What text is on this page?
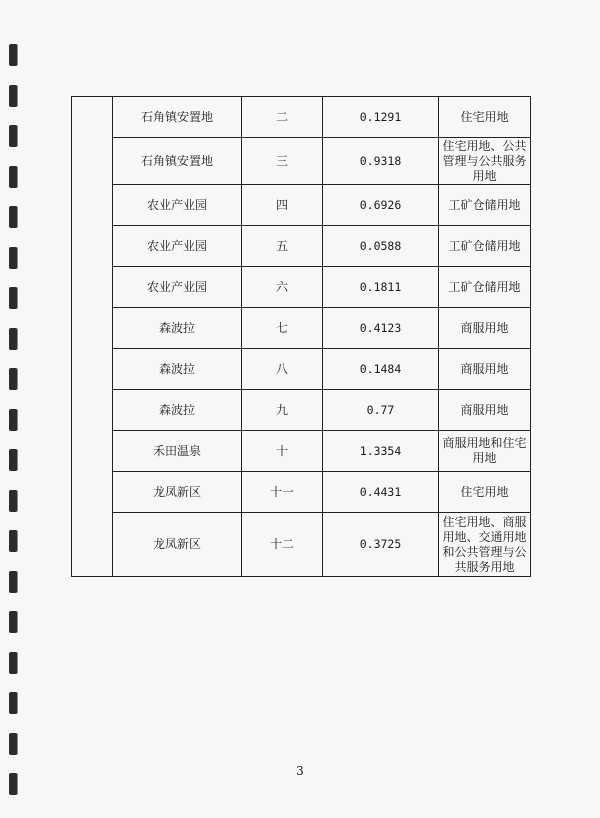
	石角镇安置地	二	0.1291	住宅用地
	石角镇安置地	三	0.9318	住宅用地、公共管理与公共服务用地
	农业产业园	四	0.6926	工矿仓储用地
	农业产业园	五	0.0588	工矿仓储用地
	农业产业园	六	0.1811	工矿仓储用地
	森波拉	七	0.4123	商服用地
	森波拉	八	0.1484	商服用地
	森波拉	九	0.77	商服用地
	禾田温泉	十	1.3354	商服用地和住宅用地
	龙凤新区	十一	0.4431	住宅用地
	龙凤新区	十二	0.3725	住宅用地、商服用地、交通用地和公共管理与公共服务用地
3
